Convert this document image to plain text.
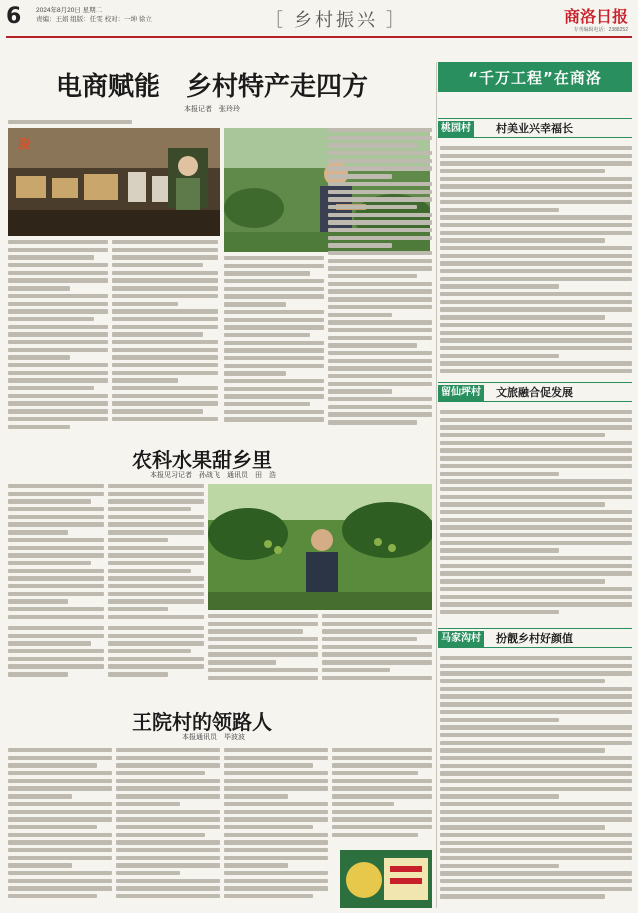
6 2024年8月20日 星期二
责编：王娟 组版：任雯 校对：一坤 徐立	［ 乡村振兴 ］	商洛日报
专刊编辑电话：2388252
电商赋能　乡村特产走四方
本报记者　张玲玲
脱
农科水果甜乡里
本报见习记者　孙战飞　通讯员　田　浩
王院村的领路人
本报通讯员　毕波波
“千万工程”在商洛
桃园村 村美业兴幸福长
留仙坪村 文旅融合促发展
马家沟村 扮靓乡村好颜值
